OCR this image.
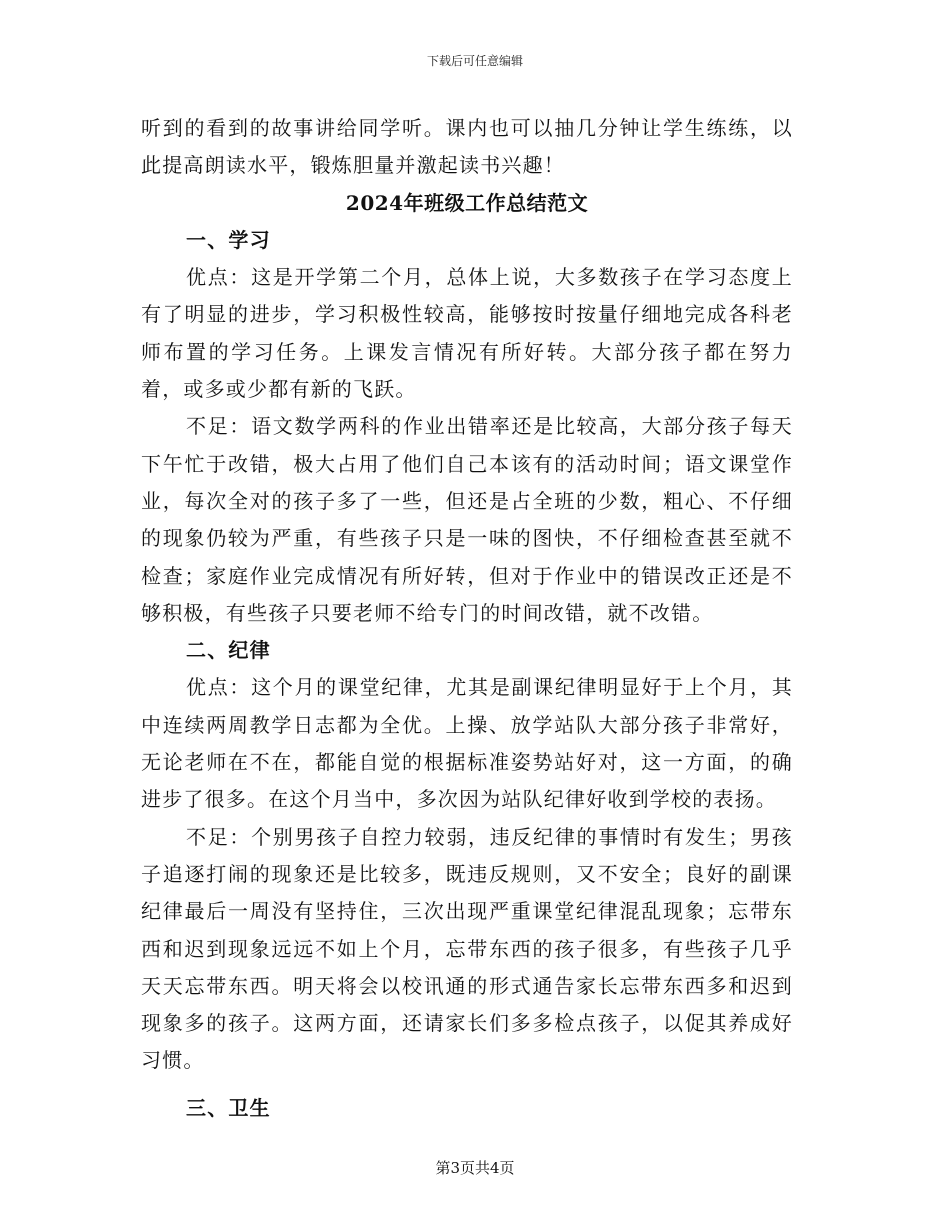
下载后可任意编辑

听到的看到的故事讲给同学听。课内也可以抽几分钟让学生练练，以此提高朗读水平，锻炼胆量并激起读书兴趣！

2024年班级工作总结范文

一、学习

优点：这是开学第二个月，总体上说，大多数孩子在学习态度上有了明显的进步，学习积极性较高，能够按时按量仔细地完成各科老师布置的学习任务。上课发言情况有所好转。大部分孩子都在努力着，或多或少都有新的飞跃。

不足：语文数学两科的作业出错率还是比较高，大部分孩子每天下午忙于改错，极大占用了他们自己本该有的活动时间；语文课堂作业，每次全对的孩子多了一些，但还是占全班的少数，粗心、不仔细的现象仍较为严重，有些孩子只是一味的图快，不仔细检查甚至就不检查；家庭作业完成情况有所好转，但对于作业中的错误改正还是不够积极，有些孩子只要老师不给专门的时间改错，就不改错。

二、纪律

优点：这个月的课堂纪律，尤其是副课纪律明显好于上个月，其中连续两周教学日志都为全优。上操、放学站队大部分孩子非常好，无论老师在不在，都能自觉的根据标准姿势站好对，这一方面，的确进步了很多。在这个月当中，多次因为站队纪律好收到学校的表扬。

不足：个别男孩子自控力较弱，违反纪律的事情时有发生；男孩子追逐打闹的现象还是比较多，既违反规则，又不安全；良好的副课纪律最后一周没有坚持住，三次出现严重课堂纪律混乱现象；忘带东西和迟到现象远远不如上个月，忘带东西的孩子很多，有些孩子几乎天天忘带东西。明天将会以校讯通的形式通告家长忘带东西多和迟到现象多的孩子。这两方面，还请家长们多多检点孩子，以促其养成好习惯。

三、卫生

第3页共4页
